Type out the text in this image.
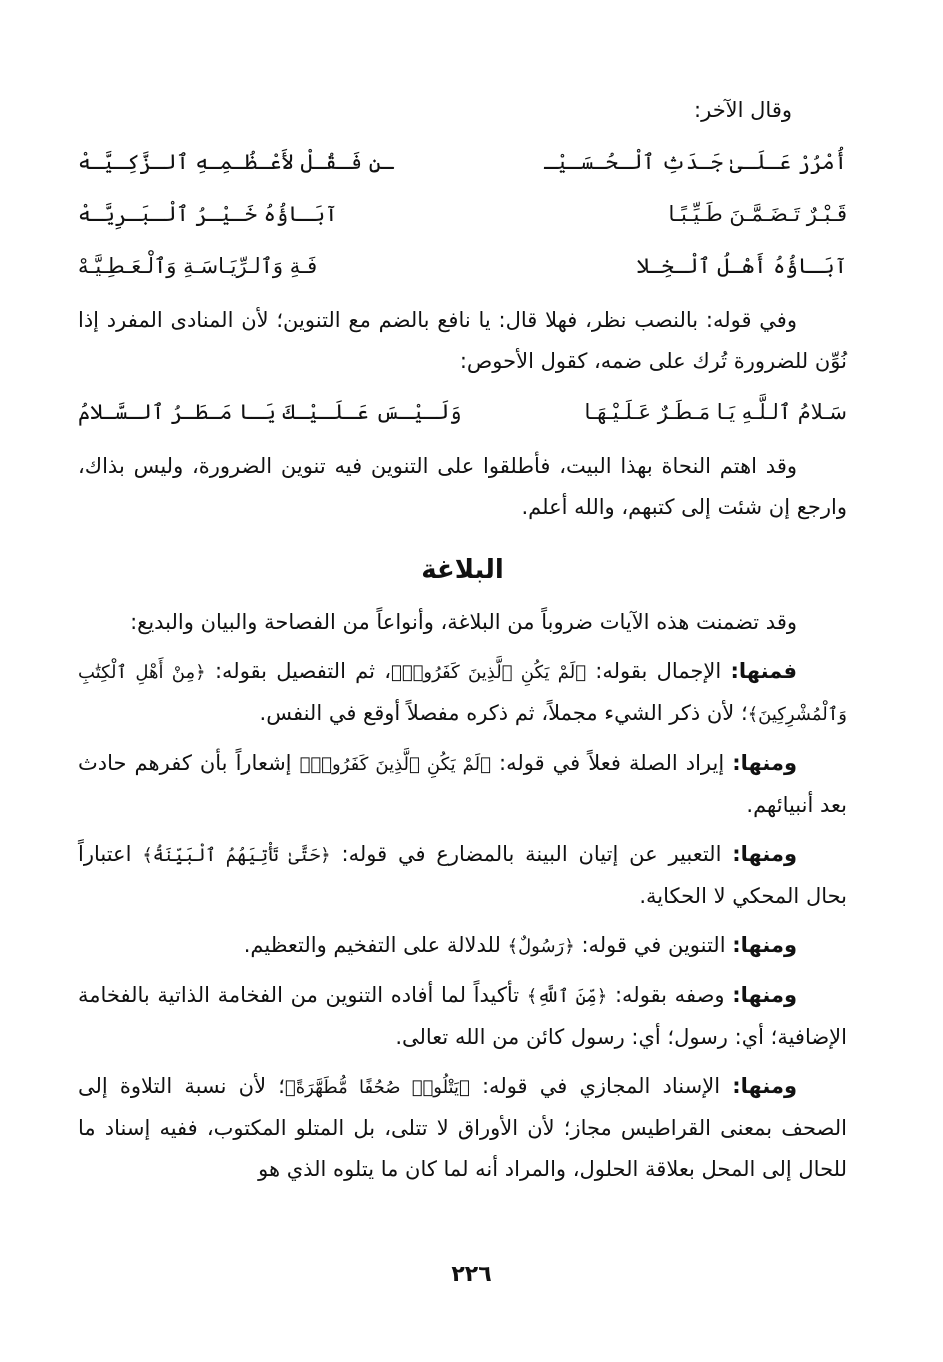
وقال الآخر:
أُمْرُرْ عَـلَـىٰ جَـدَثِ ٱلْـحُـسَـيْـ
ـنِ فَـقُـلْ لأَعْـظُـمِـهِ ٱلـزَّكِـيَّـهْ
قَـبْـرٌ تَـضَـمَّـنَ طَـيِّـبًـا
آبَـاؤُهُ خَـيْـرُ ٱلْـبَـرِيَّـهْ
آبَـاؤُهُ أَهْـلُ ٱلْـخِـلا
فَـةِ وَٱلـرِّيَـاسَـةِ وَٱلْـعَـطِـيَّـهْ

وفي قوله: بالنصب نظر، فهلا قال: يا نافع بالضم مع التنوين؛ لأن المنادى المفرد إذا نُوِّن للضرورة تُرك على ضمه، كقول الأحوص:

سَـلامُ ٱلـلَّـهِ يَـا مَـطَـرٌ عَـلَـيْـهَـا
وَلَـيْـسَ عَـلَـيْـكَ يَـا مَـطَـرُ ٱلـسَّـلامُ

وقد اهتم النحاة بهذا البيت، فأطلقوا على التنوين فيه تنوين الضرورة، وليس بذاك، وارجع إن شئت إلى كتبهم، والله أعلم.

البلاغة

وقد تضمنت هذه الآيات ضروباً من البلاغة، وأنواعاً من الفصاحة والبيان والبديع:

فمنها: الإجمال بقوله: ﴿لَمْ يَكُنِ ٱلَّذِينَ كَفَرُوا۟﴾، ثم التفصيل بقوله: ﴿مِنْ أَهْلِ ٱلْكِتَٰبِ وَٱلْمُشْرِكِينَ﴾؛ لأن ذكر الشيء مجملاً، ثم ذكره مفصلاً أوقع في النفس.

ومنها: إيراد الصلة فعلاً في قوله: ﴿لَمْ يَكُنِ ٱلَّذِينَ كَفَرُوا۟﴾ إشعاراً بأن كفرهم حادث بعد أنبيائهم.

ومنها: التعبير عن إتيان البينة بالمضارع في قوله: ﴿حَتَّىٰ تَأْتِيَهُمُ ٱلْبَيِّنَةُ﴾ اعتباراً بحال المحكي لا الحكاية.

ومنها: التنوين في قوله: ﴿رَسُولٌ﴾ للدلالة على التفخيم والتعظيم.

ومنها: وصفه بقوله: ﴿مِّنَ ٱللَّهِ﴾ تأكيداً لما أفاده التنوين من الفخامة الذاتية بالفخامة الإضافية؛ أي: رسول؛ أي: رسول كائن من الله تعالى.

ومنها: الإسناد المجازي في قوله: ﴿يَتْلُوا۟ صُحُفًا مُّطَهَّرَةً﴾؛ لأن نسبة التلاوة إلى الصحف بمعنى القراطيس مجاز؛ لأن الأوراق لا تتلى، بل المتلو المكتوب، ففيه إسناد ما للحال إلى المحل بعلاقة الحلول، والمراد أنه لما كان ما يتلوه الذي هو

٢٢٦
